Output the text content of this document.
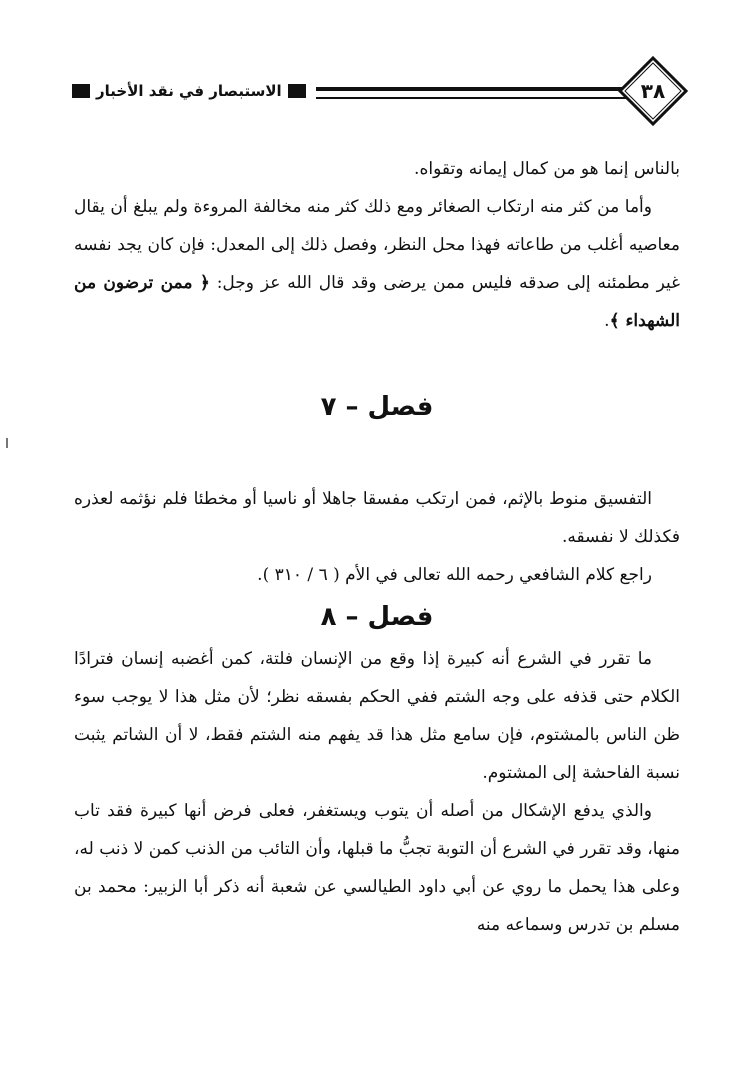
الاستبصار في نقد الأخبار	٣٨

بالناس إنما هو من كمال إيمانه وتقواه.

وأما من كثر منه ارتكاب الصغائر ومع ذلك كثر منه مخالفة المروءة ولم يبلغ أن يقال معاصيه أغلب من طاعاته فهذا محل النظر، وفصل ذلك إلى المعدل: فإن كان يجد نفسه غير مطمئنه إلى صدقه فليس ممن يرضى وقد قال الله عز وجل: ﴿ ممن ترضون من الشهداء ﴾.

فصل – ٧

التفسيق منوط بالإثم، فمن ارتكب مفسقا جاهلا أو ناسيا أو مخطئا فلم نؤثمه لعذره فكذلك لا نفسقه.

راجع كلام الشافعي رحمه الله تعالى في الأم ( ٦ / ٣١٠ ).

فصل – ٨

ما تقرر في الشرع أنه كبيرة إذا وقع من الإنسان فلتة، كمن أغضبه إنسان فترادًا الكلام حتى قذفه على وجه الشتم ففي الحكم بفسقه نظر؛ لأن مثل هذا لا يوجب سوء ظن الناس بالمشتوم، فإن سامع مثل هذا قد يفهم منه الشتم فقط، لا أن الشاتم يثبت نسبة الفاحشة إلى المشتوم.

والذي يدفع الإشكال من أصله أن يتوب ويستغفر، فعلى فرض أنها كبيرة فقد تاب منها، وقد تقرر في الشرع أن التوبة تجبُّ ما قبلها، وأن التائب من الذنب كمن لا ذنب له، وعلى هذا يحمل ما روي عن أبي داود الطيالسي عن شعبة أنه ذكر أبا الزبير: محمد بن مسلم بن تدرس وسماعه منه
